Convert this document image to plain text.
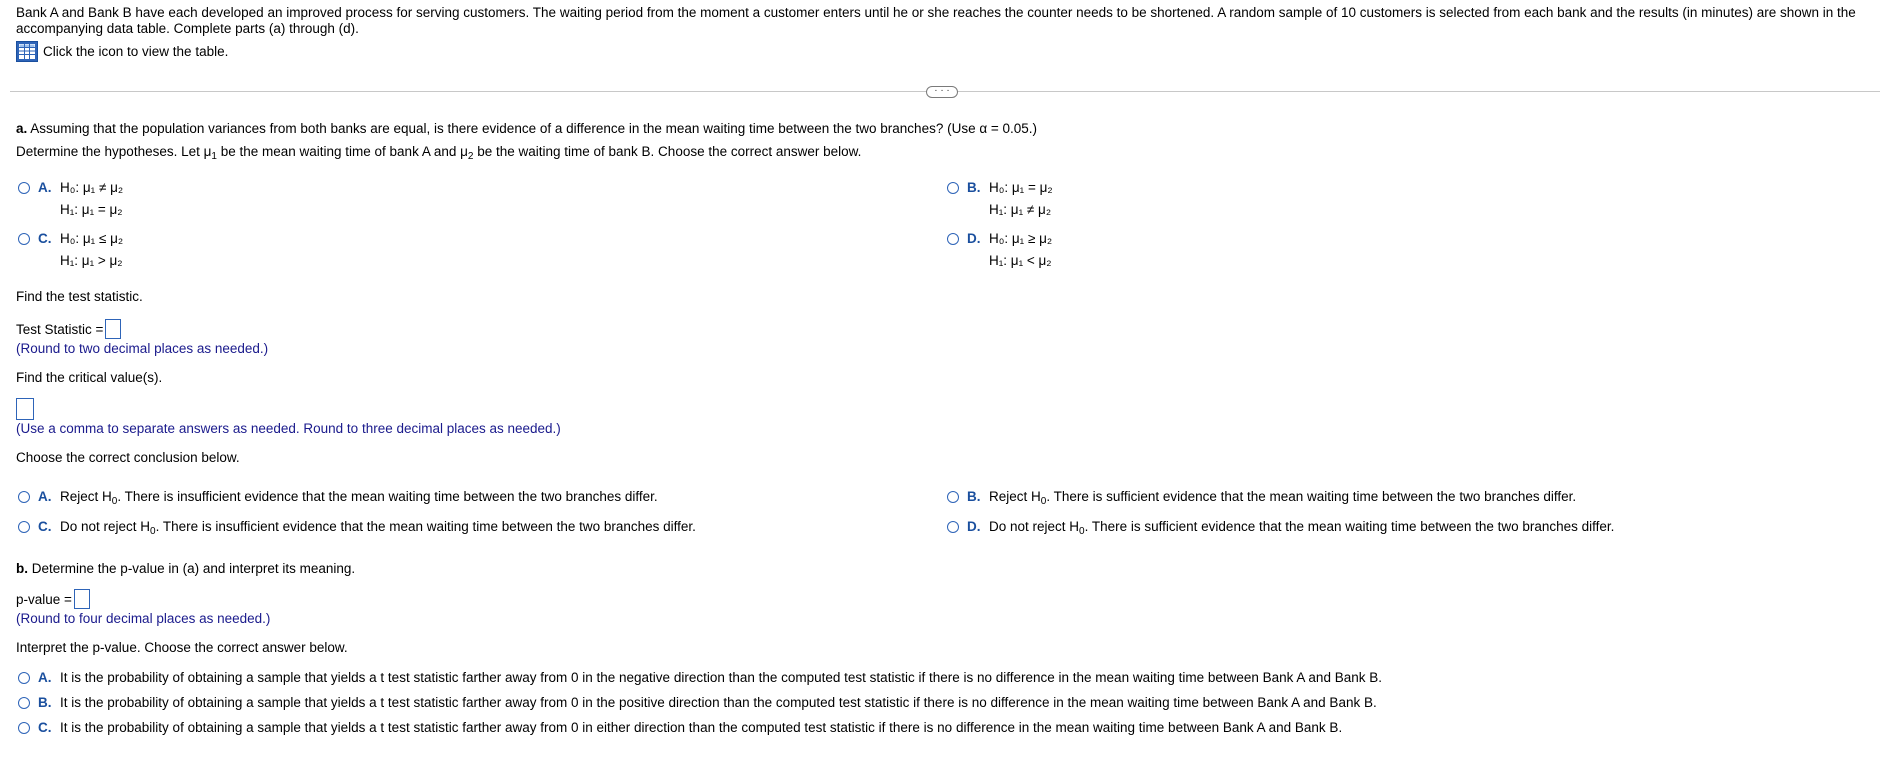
Bank A and Bank B have each developed an improved process for serving customers. The waiting period from the moment a customer enters until he or she reaches the counter needs to be shortened. A random sample of 10 customers is selected from each bank and the results (in minutes) are shown in the accompanying data table. Complete parts (a) through (d).
Click the icon to view the table.
· · ·
a. Assuming that the population variances from both banks are equal, is there evidence of a difference in the mean waiting time between the two branches? (Use α = 0.05.)
Determine the hypotheses. Let $\mu_1$ be the mean waiting time of bank A and $\mu_2$ be the waiting time of bank B. Choose the correct answer below.
A. H₀: μ₁ ≠ μ₂
H₁: μ₁ = μ₂
B. H₀: μ₁ = μ₂
H₁: μ₁ ≠ μ₂
C. H₀: μ₁ ≤ μ₂
H₁: μ₁ > μ₂
D. H₀: μ₁ ≥ μ₂
H₁: μ₁ < μ₂
Find the test statistic.
Test Statistic =
(Round to two decimal places as needed.)
Find the critical value(s).
(Use a comma to separate answers as needed. Round to three decimal places as needed.)
Choose the correct conclusion below.
A. Reject $H_0$. There is insufficient evidence that the mean waiting time between the two branches differ.	B. Reject $H_0$. There is sufficient evidence that the mean waiting time between the two branches differ.
C. Do not reject $H_0$. There is insufficient evidence that the mean waiting time between the two branches differ.	D. Do not reject $H_0$. There is sufficient evidence that the mean waiting time between the two branches differ.
b. Determine the p-value in (a) and interpret its meaning.
p-value =
(Round to four decimal places as needed.)
Interpret the p-value. Choose the correct answer below.
A. It is the probability of obtaining a sample that yields a t test statistic farther away from 0 in the negative direction than the computed test statistic if there is no difference in the mean waiting time between Bank A and Bank B.
B. It is the probability of obtaining a sample that yields a t test statistic farther away from 0 in the positive direction than the computed test statistic if there is no difference in the mean waiting time between Bank A and Bank B.
C. It is the probability of obtaining a sample that yields a t test statistic farther away from 0 in either direction than the computed test statistic if there is no difference in the mean waiting time between Bank A and Bank B.
